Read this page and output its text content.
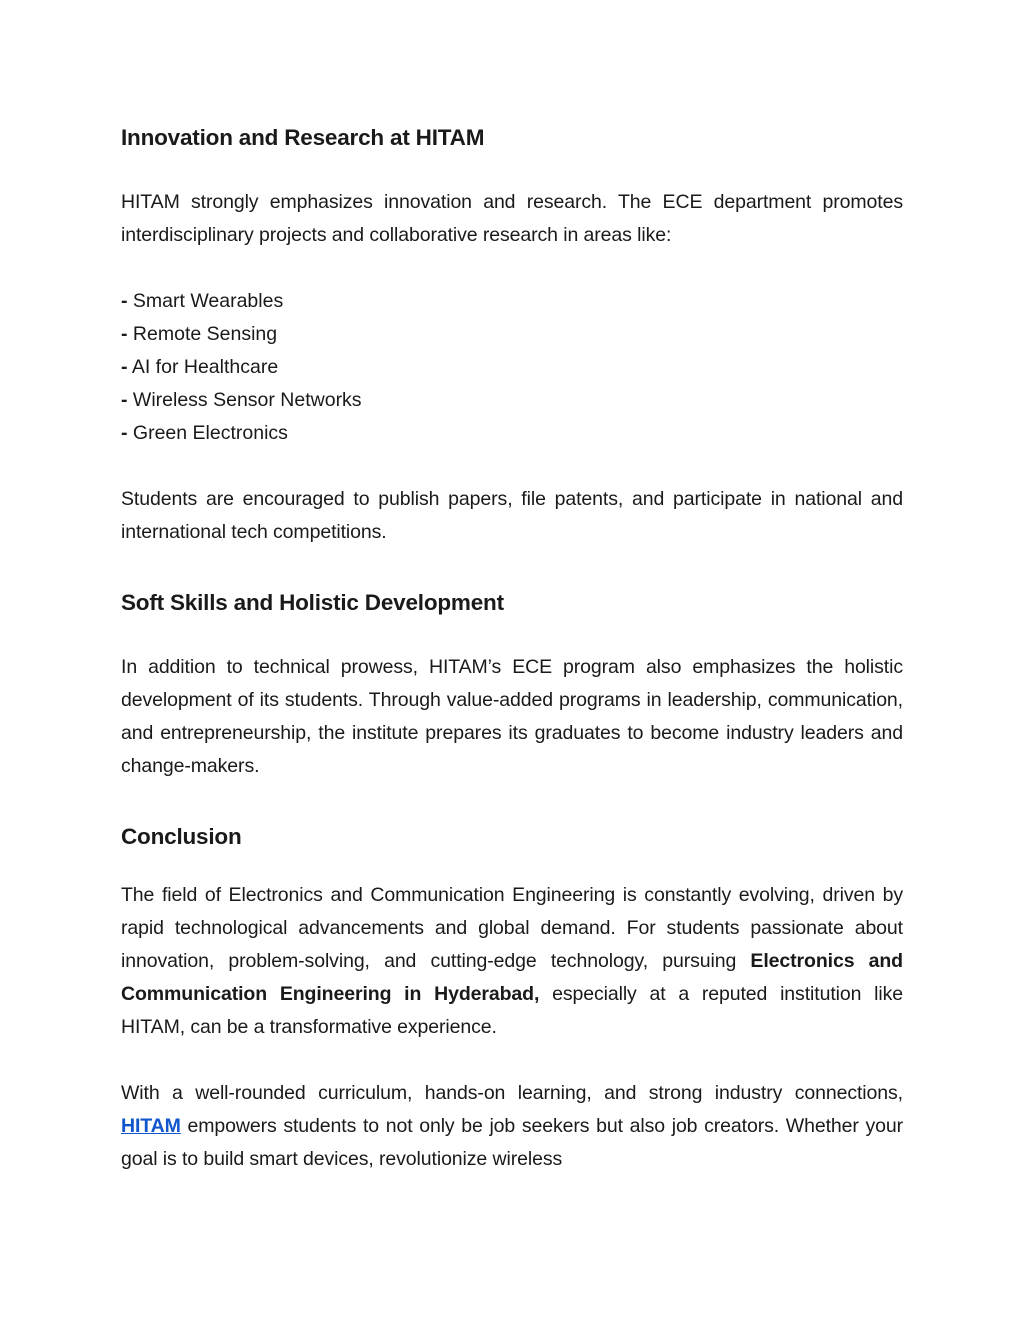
Innovation and Research at HITAM

HITAM strongly emphasizes innovation and research. The ECE department promotes interdisciplinary projects and collaborative research in areas like:

- Smart Wearables
- Remote Sensing
- AI for Healthcare
- Wireless Sensor Networks
- Green Electronics

Students are encouraged to publish papers, file patents, and participate in national and international tech competitions.

Soft Skills and Holistic Development

In addition to technical prowess, HITAM’s ECE program also emphasizes the holistic development of its students. Through value-added programs in leadership, communication, and entrepreneurship, the institute prepares its graduates to become industry leaders and change-makers.

Conclusion

The field of Electronics and Communication Engineering is constantly evolving, driven by rapid technological advancements and global demand. For students passionate about innovation, problem-solving, and cutting-edge technology, pursuing Electronics and Communication Engineering in Hyderabad, especially at a reputed institution like HITAM, can be a transformative experience.

With a well-rounded curriculum, hands-on learning, and strong industry connections, HITAM empowers students to not only be job seekers but also job creators. Whether your goal is to build smart devices, revolutionize wireless
